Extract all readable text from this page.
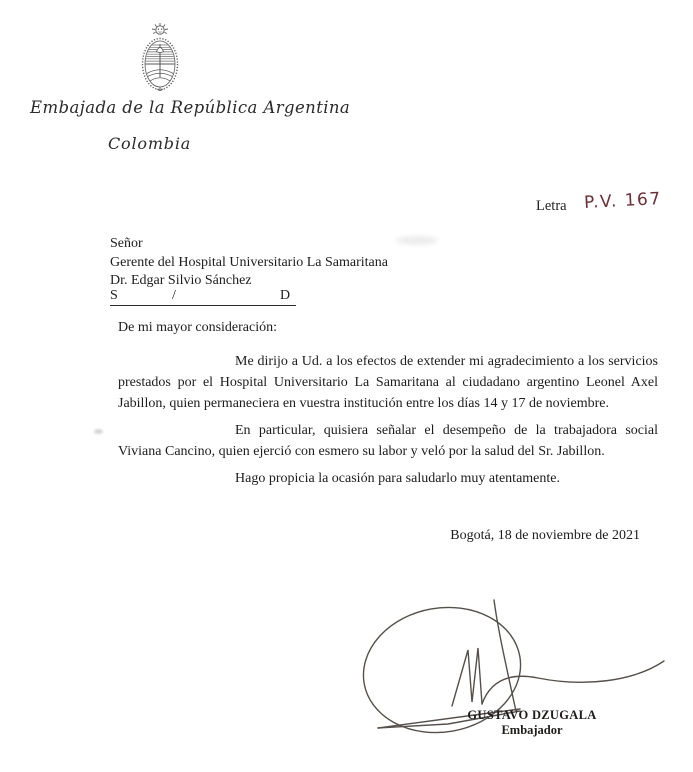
Embajada de la República Argentina
Colombia
Letra P.V. 167
Señor
Gerente del Hospital Universitario La Samaritana
Dr. Edgar Silvio Sánchez
S	/	D
De mi mayor consideración:

Me dirijo a Ud. a los efectos de extender mi agradecimiento a los servicios prestados por el Hospital Universitario La Samaritana al ciudadano argentino Leonel Axel Jabillon, quien permaneciera en vuestra institución entre los días 14 y 17 de noviembre.

En particular, quisiera señalar el desempeño de la trabajadora social Viviana Cancino, quien ejerció con esmero su labor y veló por la salud del Sr. Jabillon.

Hago propicia la ocasión para saludarlo muy atentamente.

Bogotá, 18 de noviembre de 2021
GUSTAVO DZUGALA
Embajador
